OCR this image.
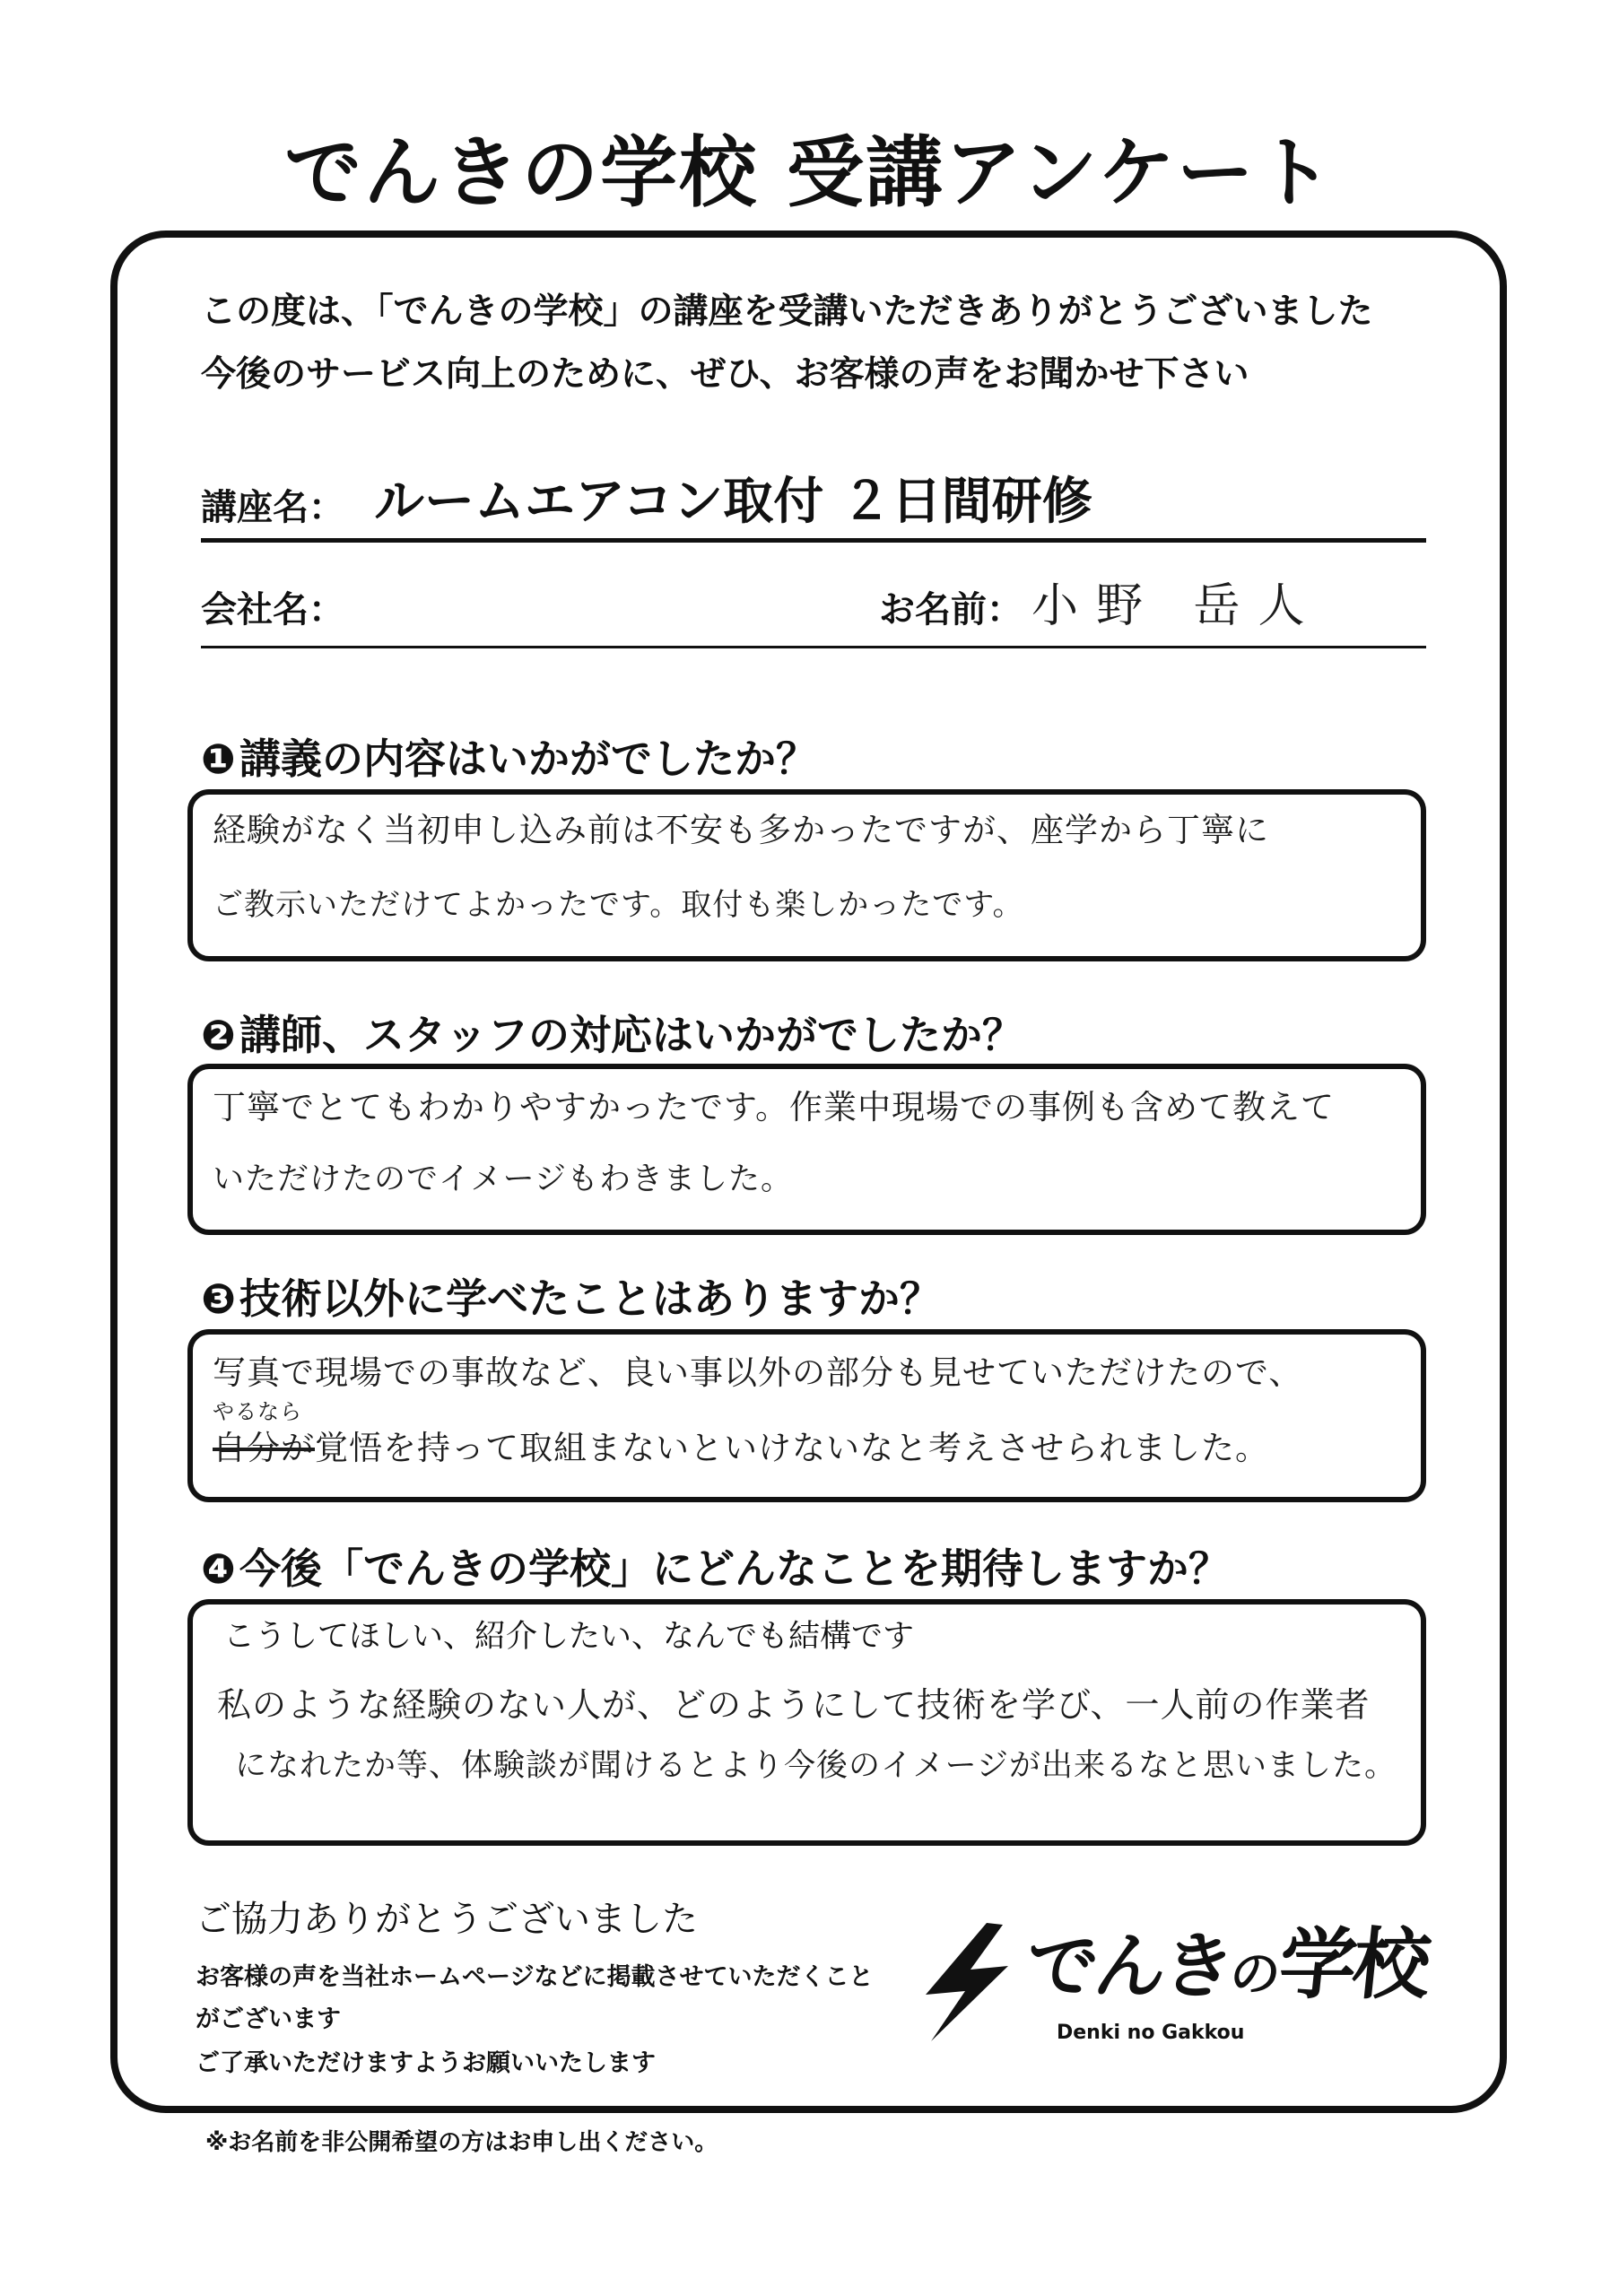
でんきの学校 受講アンケート
この度は、「でんきの学校」の講座を受講いただきありがとうございました
今後のサービス向上のために、ぜひ、お客様の声をお聞かせ下さい
講座名： ルームエアコン取付 ２日間研修
会社名：	お名前： 小野 岳人
❶講義の内容はいかがでしたか？
経験がなく当初申し込み前は不安も多かったですが、座学から丁寧に
ご教示いただけてよかったです。取付も楽しかったです。
❷講師、スタッフの対応はいかがでしたか？
丁寧でとてもわかりやすかったです。作業中現場での事例も含めて教えて
いただけたのでイメージもわきました。
❸技術以外に学べたことはありますか？
写真で現場での事故など、良い事以外の部分も見せていただけたので、
やるなら
自分が覚悟を持って取組まないといけないなと考えさせられました。
❹今後「でんきの学校」にどんなことを期待しますか？
こうしてほしい、紹介したい、なんでも結構です
私のような経験のない人が、どのようにして技術を学び、一人前の作業者
になれたか等、体験談が聞けるとより今後のイメージが出来るなと思いました。
ご協力ありがとうございました
お客様の声を当社ホームページなどに掲載させていただくこと
がございます
ご了承いただけますようお願いいたします
でんきの学校
Denki no Gakkou
※お名前を非公開希望の方はお申し出ください。
